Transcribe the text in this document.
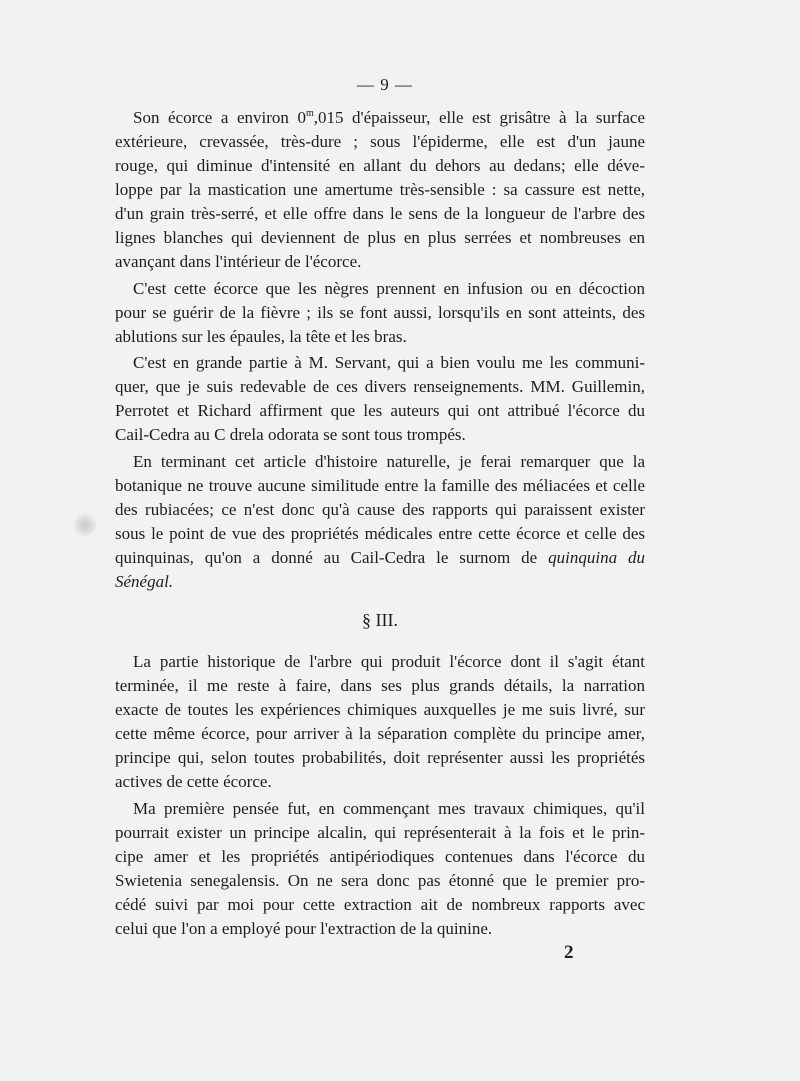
— 9 —
Son écorce a environ 0$^m$,015 d'épaisseur, elle est grisâtre à la surface
extérieure, crevassée, très-dure ; sous l'épiderme, elle est d'un jaune
rouge, qui diminue d'intensité en allant du dehors au dedans; elle déve-
loppe par la mastication une amertume très-sensible : sa cassure est nette,
d'un grain très-serré, et elle offre dans le sens de la longueur de l'arbre des
lignes blanches qui deviennent de plus en plus serrées et nombreuses en
avançant dans l'intérieur de l'écorce.
C'est cette écorce que les nègres prennent en infusion ou en décoction
pour se guérir de la fièvre ; ils se font aussi, lorsqu'ils en sont atteints, des
ablutions sur les épaules, la tête et les bras.
C'est en grande partie à M. Servant, qui a bien voulu me les communi-
quer, que je suis redevable de ces divers renseignements. MM. Guillemin,
Perrotet et Richard affirment que les auteurs qui ont attribué l'écorce du
Cail-Cedra au C drela odorata se sont tous trompés.
En terminant cet article d'histoire naturelle, je ferai remarquer que la
botanique ne trouve aucune similitude entre la famille des méliacées et celle
des rubiacées; ce n'est donc qu'à cause des rapports qui paraissent exister
sous le point de vue des propriétés médicales entre cette écorce et celle des
quinquinas, qu'on a donné au Cail-Cedra le surnom de quinquina du
Sénégal.
§ III.
La partie historique de l'arbre qui produit l'écorce dont il s'agit étant
terminée, il me reste à faire, dans ses plus grands détails, la narration
exacte de toutes les expériences chimiques auxquelles je me suis livré, sur
cette même écorce, pour arriver à la séparation complète du principe amer,
principe qui, selon toutes probabilités, doit représenter aussi les propriétés
actives de cette écorce.
Ma première pensée fut, en commençant mes travaux chimiques, qu'il
pourrait exister un principe alcalin, qui représenterait à la fois et le prin-
cipe amer et les propriétés antipériodiques contenues dans l'écorce du
Swietenia senegalensis. On ne sera donc pas étonné que le premier pro-
cédé suivi par moi pour cette extraction ait de nombreux rapports avec
celui que l'on a employé pour l'extraction de la quinine.
2
